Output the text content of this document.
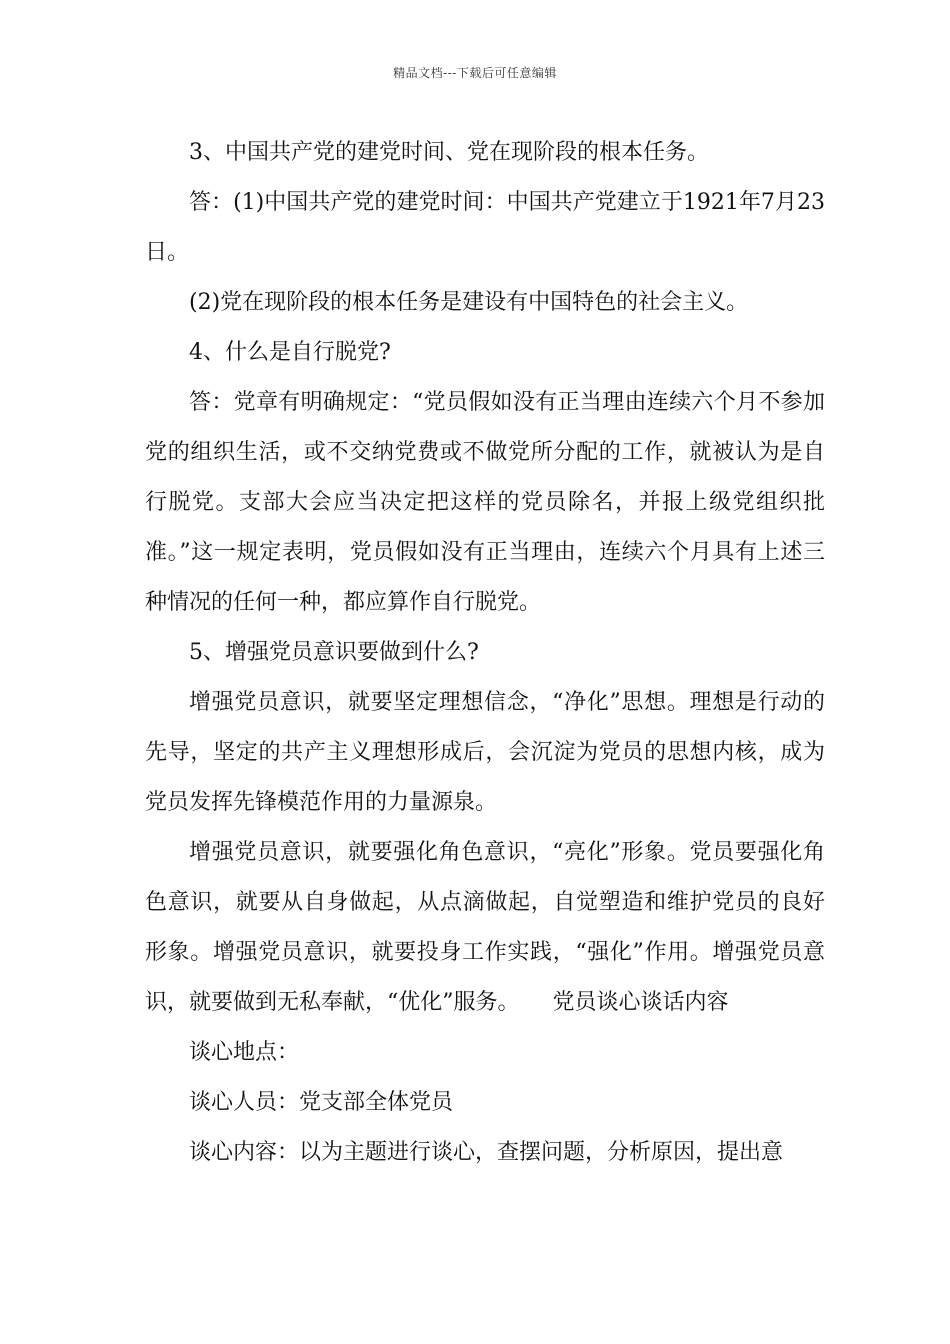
精品文档---下载后可任意编辑

3、中国共产党的建党时间、党在现阶段的根本任务。

答：(1)中国共产党的建党时间：中国共产党建立于1921年7月23日。

(2)党在现阶段的根本任务是建设有中国特色的社会主义。

4、什么是自行脱党?

答：党章有明确规定：“党员假如没有正当理由连续六个月不参加党的组织生活，或不交纳党费或不做党所分配的工作，就被认为是自行脱党。支部大会应当决定把这样的党员除名，并报上级党组织批准。”这一规定表明，党员假如没有正当理由，连续六个月具有上述三种情况的任何一种，都应算作自行脱党。

5、增强党员意识要做到什么?

增强党员意识，就要坚定理想信念，“净化”思想。理想是行动的先导，坚定的共产主义理想形成后，会沉淀为党员的思想内核，成为党员发挥先锋模范作用的力量源泉。

增强党员意识，就要强化角色意识，“亮化”形象。党员要强化角色意识，就要从自身做起，从点滴做起，自觉塑造和维护党员的良好形象。增强党员意识，就要投身工作实践，“强化”作用。增强党员意识，就要做到无私奉献，“优化”服务。　　党员谈心谈话内容

谈心地点：

谈心人员：党支部全体党员

谈心内容：以为主题进行谈心，查摆问题，分析原因，提出意
